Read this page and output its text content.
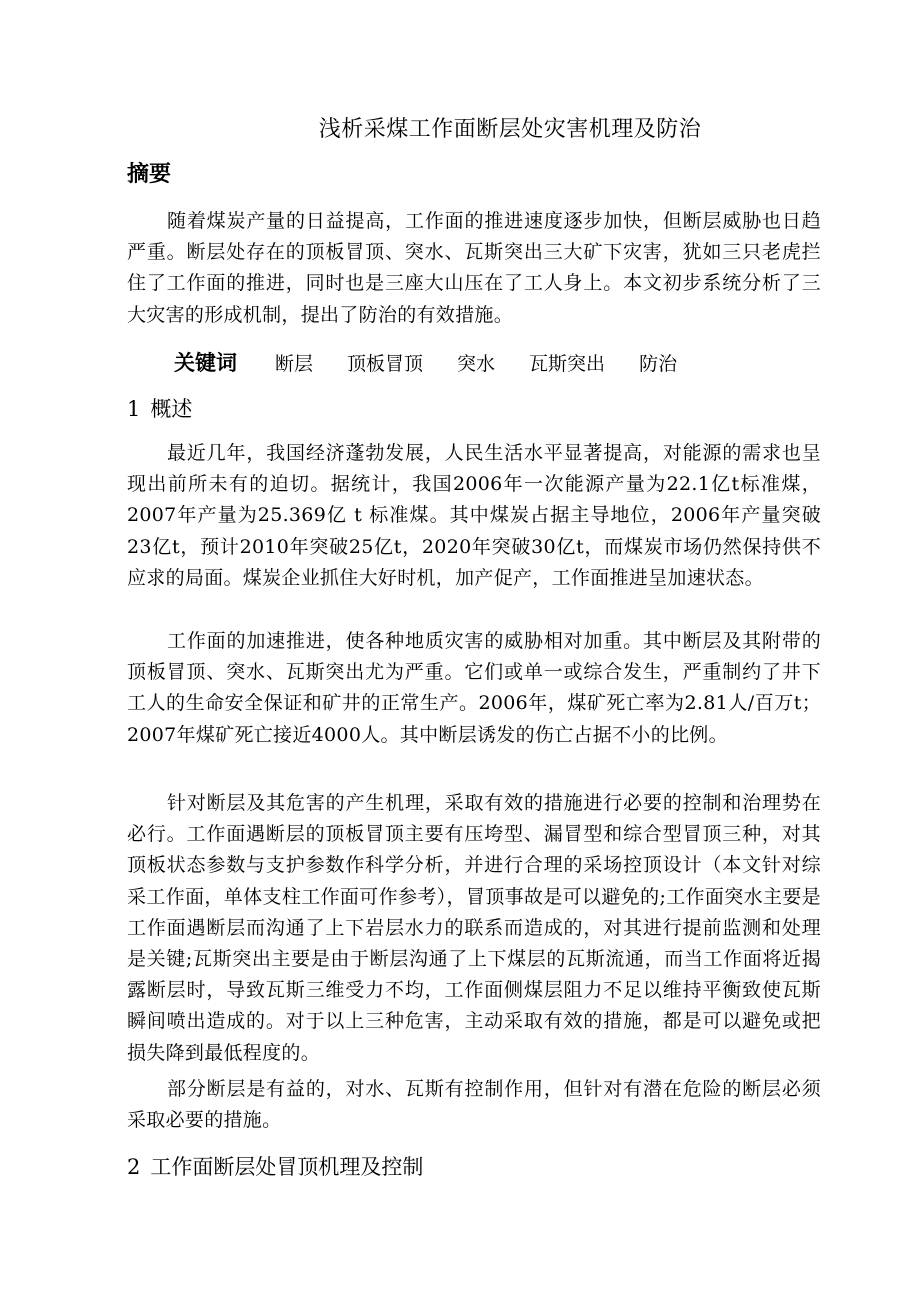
浅析采煤工作面断层处灾害机理及防治
摘要

随着煤炭产量的日益提高，工作面的推进速度逐步加快，但断层威胁也日趋严重。断层处存在的顶板冒顶、突水、瓦斯突出三大矿下灾害，犹如三只老虎拦住了工作面的推进，同时也是三座大山压在了工人身上。本文初步系统分析了三大灾害的形成机制，提出了防治的有效措施。

关键词 断层 顶板冒顶 突水 瓦斯突出 防治
1 概述

最近几年，我国经济蓬勃发展，人民生活水平显著提高，对能源的需求也呈现出前所未有的迫切。据统计，我国2006年一次能源产量为22.1亿t标准煤，2007年产量为25.369亿 t 标准煤。其中煤炭占据主导地位，2006年产量突破23亿t，预计2010年突破25亿t，2020年突破30亿t，而煤炭市场仍然保持供不应求的局面。煤炭企业抓住大好时机，加产促产，工作面推进呈加速状态。

工作面的加速推进，使各种地质灾害的威胁相对加重。其中断层及其附带的顶板冒顶、突水、瓦斯突出尤为严重。它们或单一或综合发生，严重制约了井下工人的生命安全保证和矿井的正常生产。2006年，煤矿死亡率为2.81人/百万t；2007年煤矿死亡接近4000人。其中断层诱发的伤亡占据不小的比例。

针对断层及其危害的产生机理，采取有效的措施进行必要的控制和治理势在必行。工作面遇断层的顶板冒顶主要有压垮型、漏冒型和综合型冒顶三种，对其顶板状态参数与支护参数作科学分析，并进行合理的采场控顶设计（本文针对综采工作面，单体支柱工作面可作参考），冒顶事故是可以避免的;工作面突水主要是工作面遇断层而沟通了上下岩层水力的联系而造成的，对其进行提前监测和处理是关键;瓦斯突出主要是由于断层沟通了上下煤层的瓦斯流通，而当工作面将近揭露断层时，导致瓦斯三维受力不均，工作面侧煤层阻力不足以维持平衡致使瓦斯瞬间喷出造成的。对于以上三种危害，主动采取有效的措施，都是可以避免或把损失降到最低程度的。

部分断层是有益的，对水、瓦斯有控制作用，但针对有潜在危险的断层必须采取必要的措施。

2 工作面断层处冒顶机理及控制
